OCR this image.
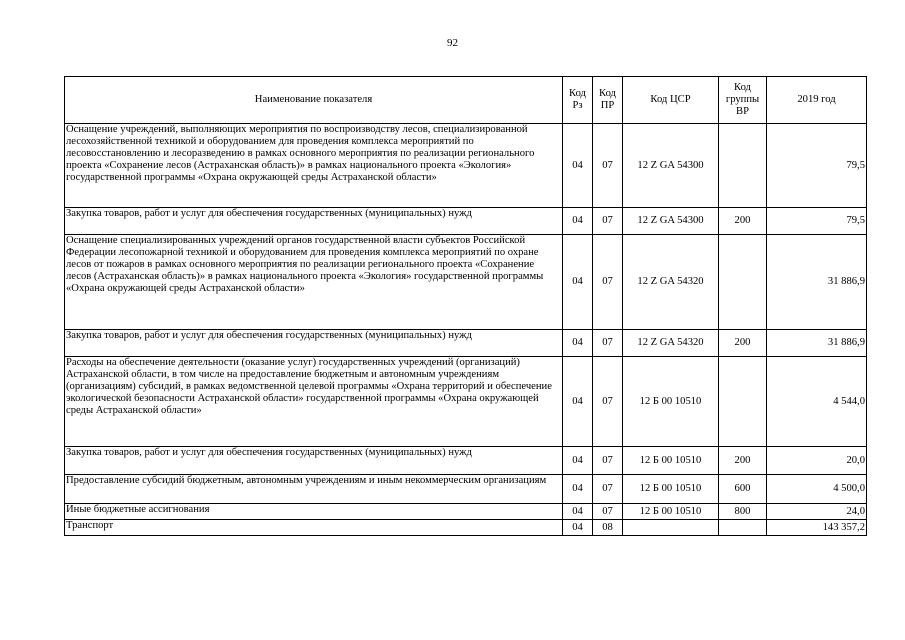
92
Наименование показателя	Код Рз	Код ПР	Код ЦСР	Код группы ВР	2019 год
Оснащение учреждений, выполняющих мероприятия по воспроизводству лесов, специализированной лесохозяйственной техникой и оборудованием для проведения комплекса мероприятий по лесовосстановлению и лесоразведению в рамках основного мероприятия по реализации регионального проекта «Сохранение лесов (Астраханская область)» в рамках национального проекта «Экология» государственной программы «Охрана окружающей среды Астраханской области»	04	07	12 Z GA 54300		79,5
Закупка товаров, работ и услуг для обеспечения государственных (муниципальных) нужд	04	07	12 Z GA 54300	200	79,5
Оснащение специализированных учреждений органов государственной власти субъектов Российской Федерации лесопожарной техникой и оборудованием для проведения комплекса мероприятий по охране лесов от пожаров в рамках основного мероприятия по реализации регионального проекта «Сохранение лесов (Астраханская область)» в рамках национального проекта «Экология» государственной программы «Охрана окружающей среды Астраханской области»	04	07	12 Z GA 54320		31 886,9
Закупка товаров, работ и услуг для обеспечения государственных (муниципальных) нужд	04	07	12 Z GA 54320	200	31 886,9
Расходы на обеспечение деятельности (оказание услуг) государственных учреждений (организаций) Астраханской области, в том числе на предоставление бюджетным и автономным учреждениям (организациям) субсидий, в рамках ведомственной целевой программы «Охрана территорий и обеспечение экологической безопасности Астраханской области» государственной программы «Охрана окружающей среды Астраханской области»	04	07	12 Б 00 10510		4 544,0
Закупка товаров, работ и услуг для обеспечения государственных (муниципальных) нужд	04	07	12 Б 00 10510	200	20,0
Предоставление субсидий бюджетным, автономным учреждениям и иным некоммерческим организациям	04	07	12 Б 00 10510	600	4 500,0
Иные бюджетные ассигнования	04	07	12 Б 00 10510	800	24,0
Транспорт	04	08			143 357,2
